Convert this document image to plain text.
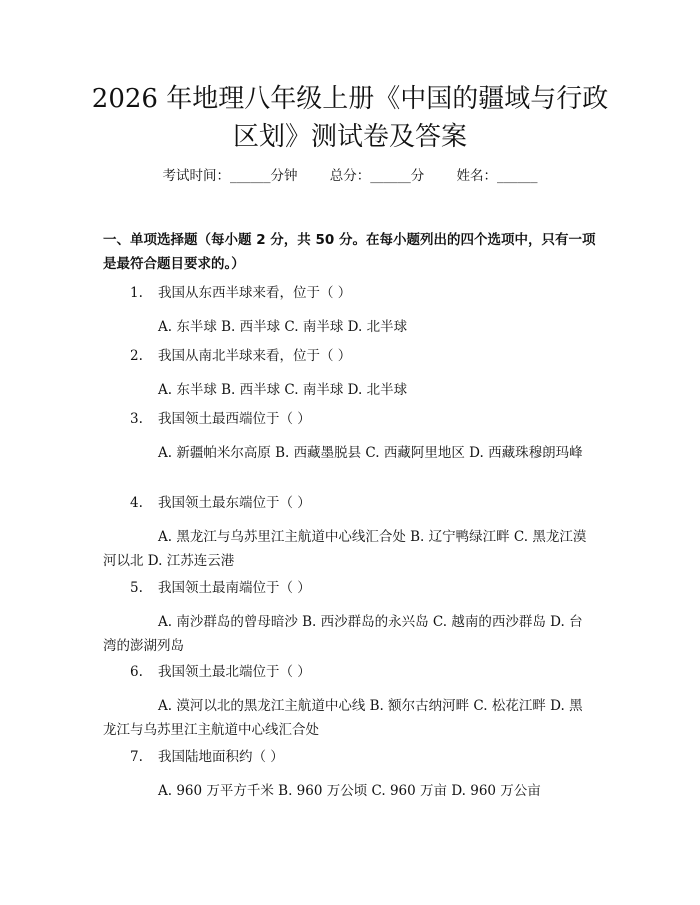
2026 年地理八年级上册《中国的疆域与行政
区划》测试卷及答案
考试时间：______分钟 总分：______分 姓名：______
一、单项选择题（每小题 2 分，共 50 分。在每小题列出的四个选项中，只有一项是最符合题目要求的。）
1. 我国从东西半球来看，位于（ ）
A. 东半球 B. 西半球 C. 南半球 D. 北半球
2. 我国从南北半球来看，位于（ ）
A. 东半球 B. 西半球 C. 南半球 D. 北半球
3. 我国领土最西端位于（ ）
A. 新疆帕米尔高原 B. 西藏墨脱县 C. 西藏阿里地区 D. 西藏珠穆朗玛峰
4. 我国领土最东端位于（ ）
A. 黑龙江与乌苏里江主航道中心线汇合处 B. 辽宁鸭绿江畔 C. 黑龙江漠河以北 D. 江苏连云港
5. 我国领土最南端位于（ ）
A. 南沙群岛的曾母暗沙 B. 西沙群岛的永兴岛 C. 越南的西沙群岛 D. 台湾的澎湖列岛
6. 我国领土最北端位于（ ）
A. 漠河以北的黑龙江主航道中心线 B. 额尔古纳河畔 C. 松花江畔 D. 黑龙江与乌苏里江主航道中心线汇合处
7. 我国陆地面积约（ ）
A. 960 万平方千米 B. 960 万公顷 C. 960 万亩 D. 960 万公亩
